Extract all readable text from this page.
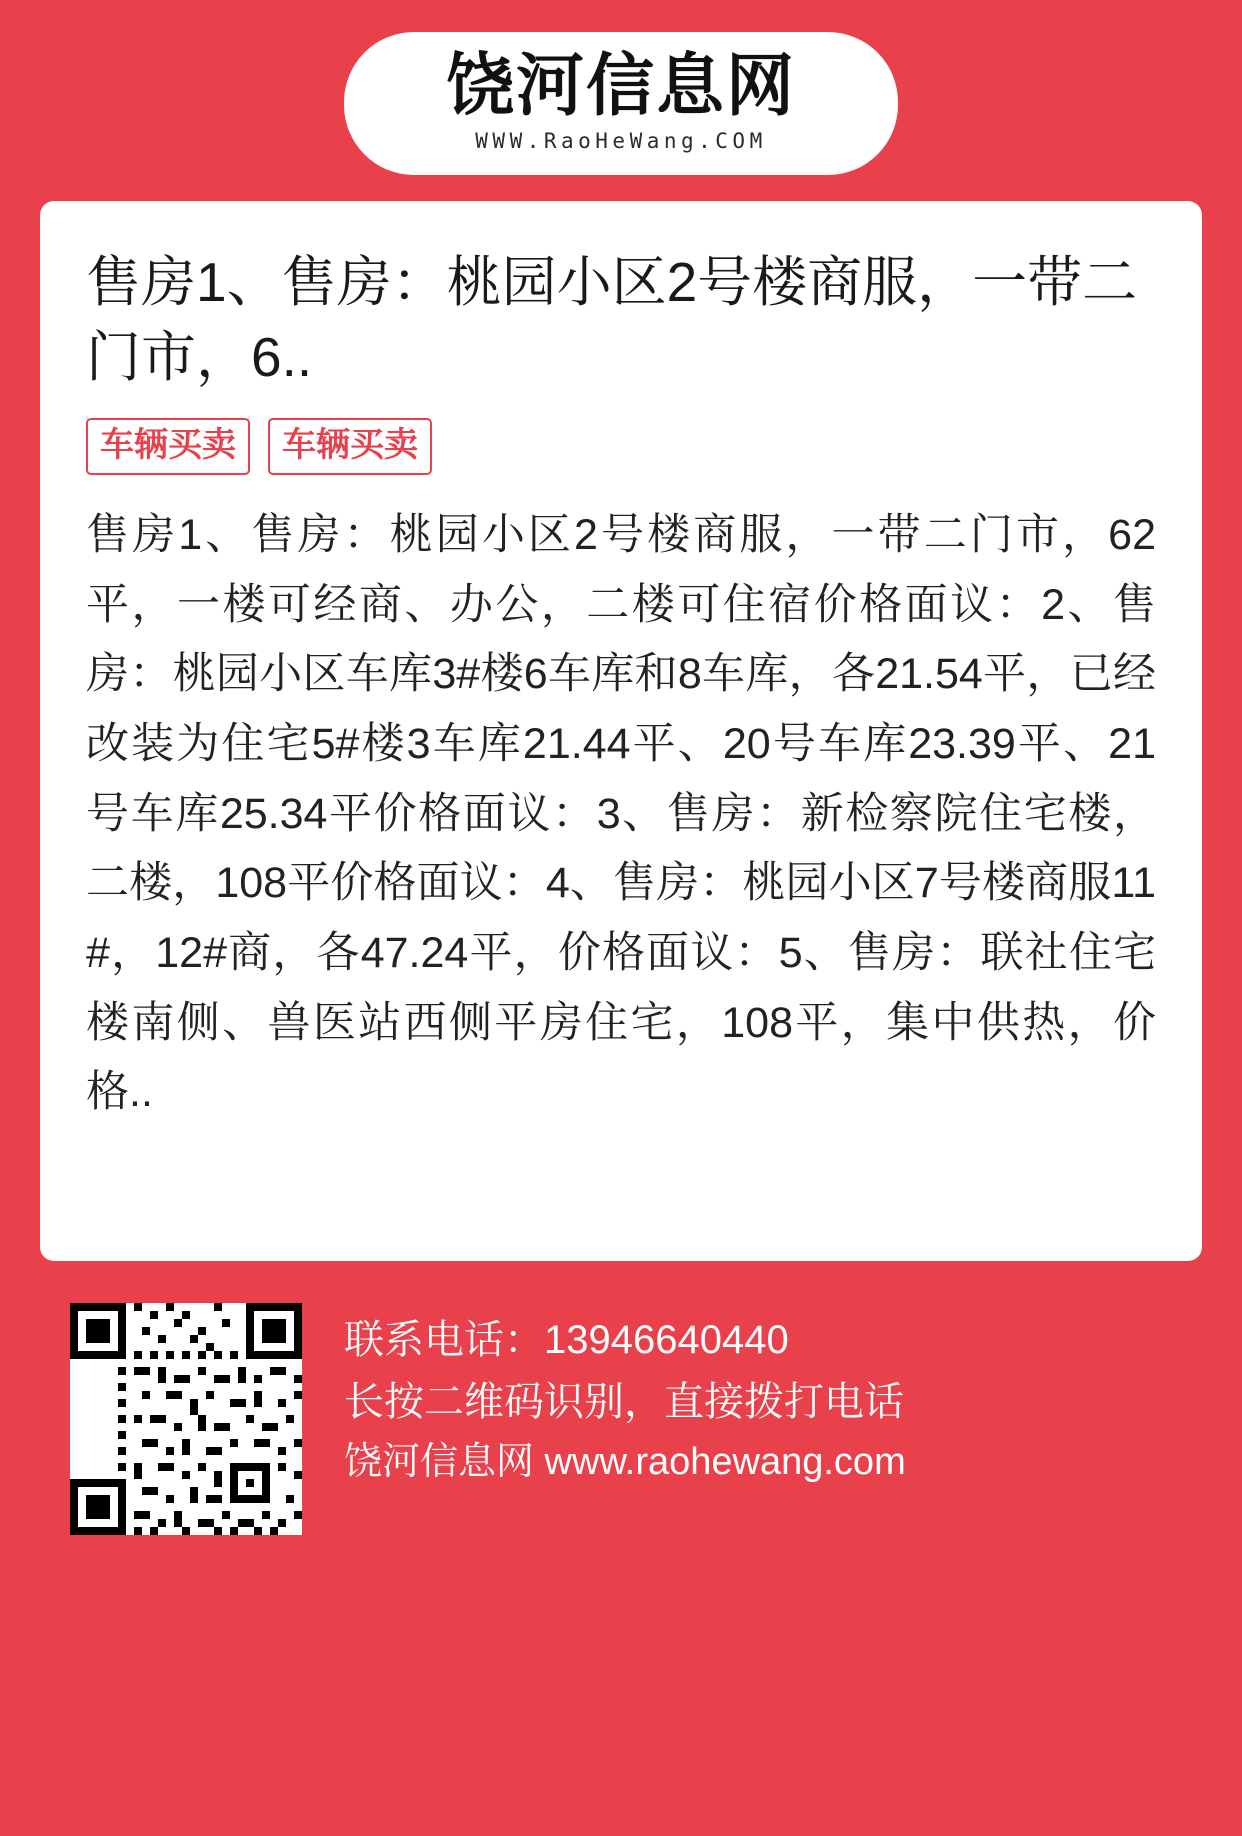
饶河信息网
WWW.RaoHeWang.COM
售房1、售房：桃园小区2号楼商服，一带二门市，6..
车辆买卖	车辆买卖
售房1、售房：桃园小区2号楼商服，一带二门市，62平，一楼可经商、办公，二楼可住宿价格面议：2、售房：桃园小区车库3#楼6车库和8车库，各21.54平，已经改装为住宅5#楼3车库21.44平、20号车库23.39平、21号车库25.34平价格面议：3、售房：新检察院住宅楼，二楼，108平价格面议：4、售房：桃园小区7号楼商服11#，12#商，各47.24平，价格面议：5、售房：联社住宅楼南侧、兽医站西侧平房住宅，108平，集中供热，价格..
联系电话：13946640440
长按二维码识别，直接拨打电话
饶河信息网 www.raohewang.com
